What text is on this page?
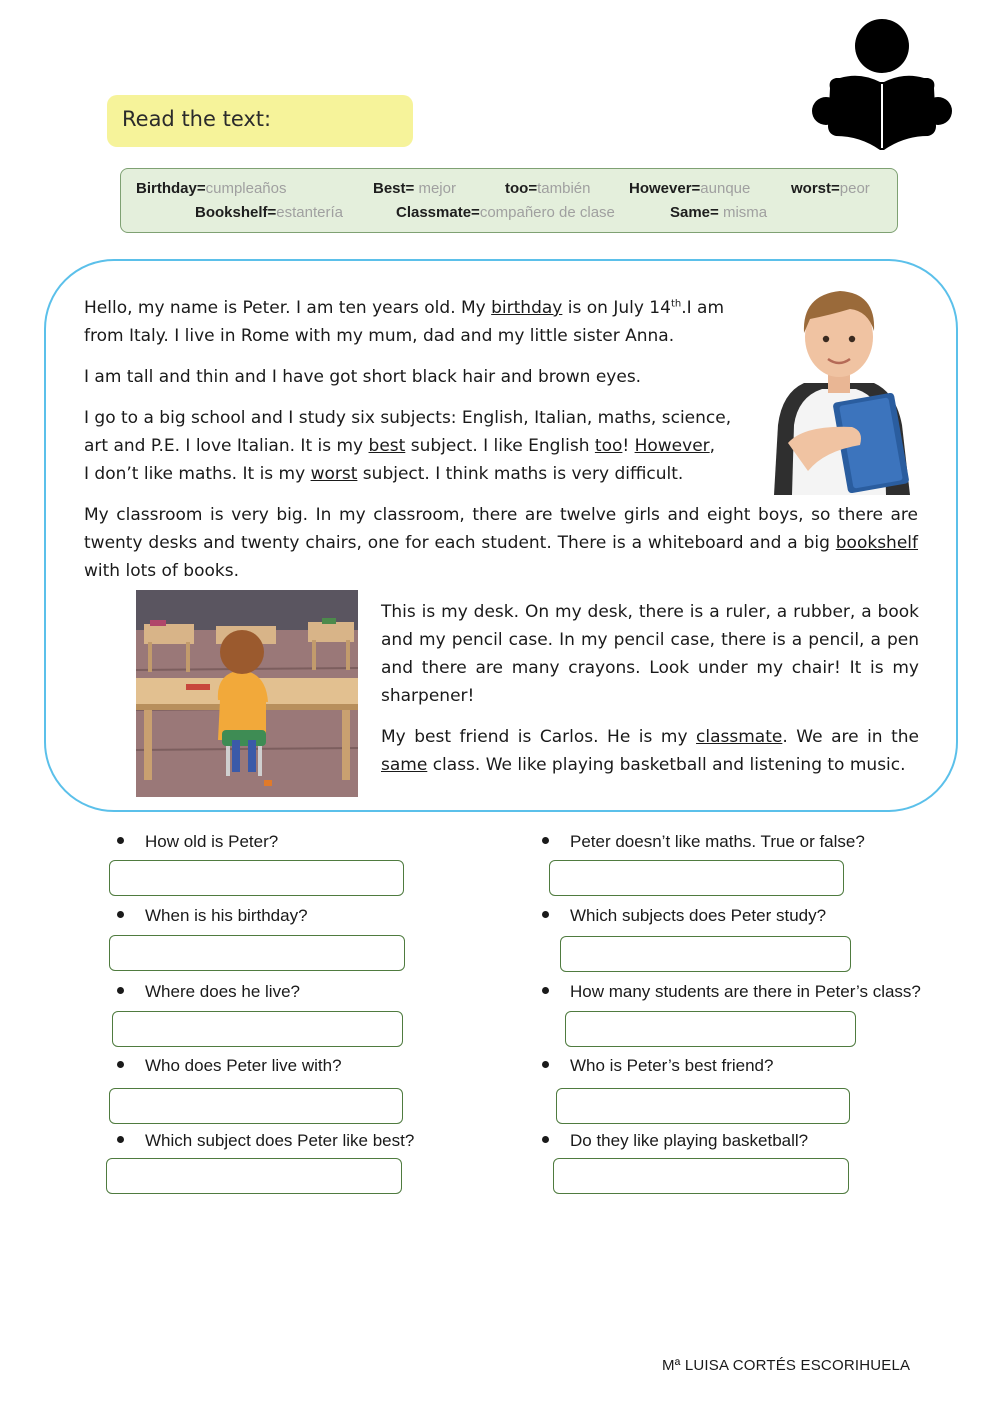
Read the text:
Birthday=cumpleaños	Best= mejor	too=también	However=aunque	worst=peor
Bookshelf=estantería	Classmate=compañero de clase	Same= misma
Hello, my name is Peter. I am ten years old. My birthday is on July 14th.I am
from Italy. I live in Rome with my mum, dad and my little sister Anna.
I am tall and thin and I have got short black hair and brown eyes.
I go to a big school and I study six subjects: English, Italian, maths, science,
art and P.E. I love Italian. It is my best subject. I like English too! However,
I don’t like maths. It is my worst subject. I think maths is very difficult.
My classroom is very big. In my classroom, there are twelve girls and eight boys, so there are
twenty desks and twenty chairs, one for each student. There is a whiteboard and a big bookshelf
with lots of books.
This is my desk. On my desk, there is a ruler, a rubber, a book
and my pencil case. In my pencil case, there is a pencil, a pen
and there are many crayons. Look under my chair! It is my
sharpener!
My best friend is Carlos. He is my classmate. We are in the
same class. We like playing basketball and listening to music.
How old is Peter?
When is his birthday?
Where does he live?
Who does Peter live with?
Which subject does Peter like best?
Peter doesn’t like maths. True or false?
Which subjects does Peter study?
How many students are there in Peter’s class?
Who is Peter’s best friend?
Do they like playing basketball?
Mª LUISA CORTÉS ESCORIHUELA
